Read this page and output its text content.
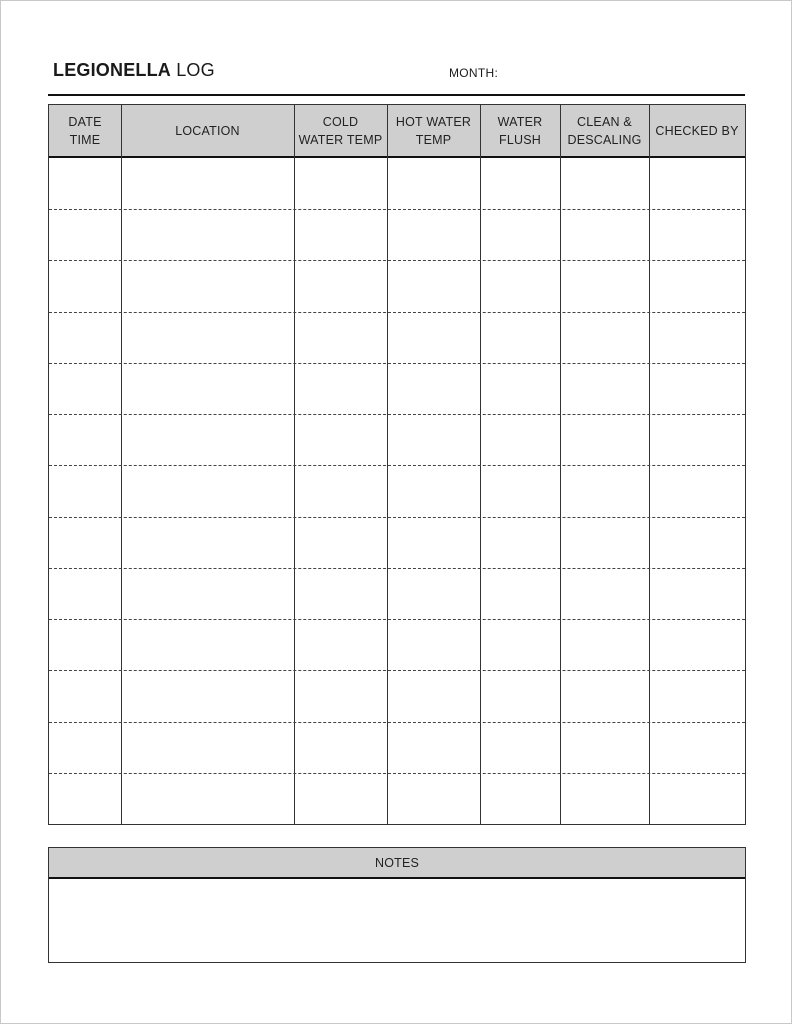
LEGIONELLA LOG	MONTH:
DATE
TIME
LOCATION
COLD
WATER TEMP
HOT WATER
TEMP
WATER
FLUSH
CLEAN &
DESCALING
CHECKED BY
NOTES
